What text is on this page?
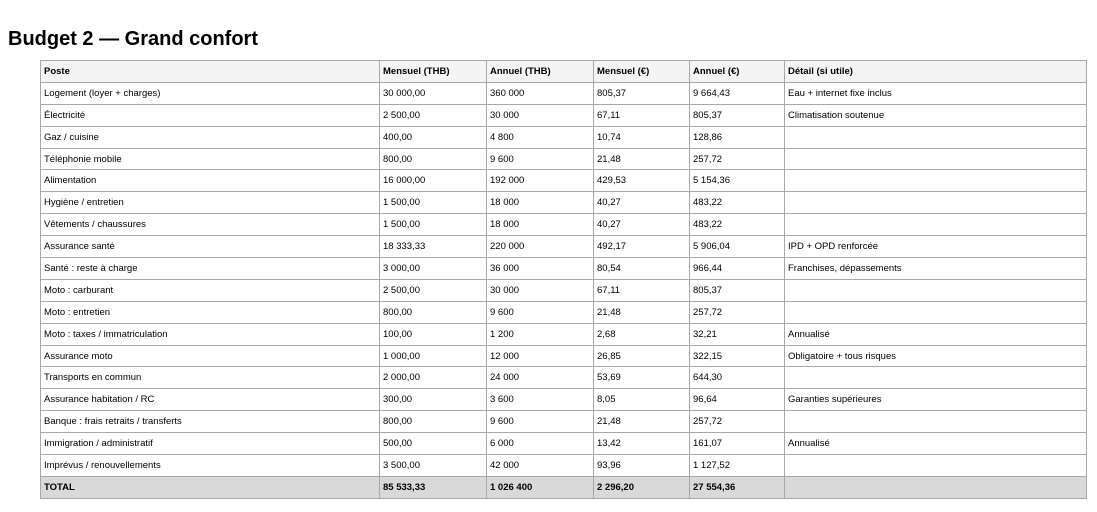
Budget 2 — Grand confort
Poste	Mensuel (THB)	Annuel (THB)	Mensuel (€)	Annuel (€)	Détail (si utile)
Logement (loyer + charges)	30 000,00	360 000	805,37	9 664,43	Eau + internet fixe inclus
Électricité	2 500,00	30 000	67,11	805,37	Climatisation soutenue
Gaz / cuisine	400,00	4 800	10,74	128,86	
Téléphonie mobile	800,00	9 600	21,48	257,72	
Alimentation	16 000,00	192 000	429,53	5 154,36	
Hygiène / entretien	1 500,00	18 000	40,27	483,22	
Vêtements / chaussures	1 500,00	18 000	40,27	483,22	
Assurance santé	18 333,33	220 000	492,17	5 906,04	IPD + OPD renforcée
Santé : reste à charge	3 000,00	36 000	80,54	966,44	Franchises, dépassements
Moto : carburant	2 500,00	30 000	67,11	805,37	
Moto : entretien	800,00	9 600	21,48	257,72	
Moto : taxes / immatriculation	100,00	1 200	2,68	32,21	Annualisé
Assurance moto	1 000,00	12 000	26,85	322,15	Obligatoire + tous risques
Transports en commun	2 000,00	24 000	53,69	644,30	
Assurance habitation / RC	300,00	3 600	8,05	96,64	Garanties supérieures
Banque : frais retraits / transferts	800,00	9 600	21,48	257,72	
Immigration / administratif	500,00	6 000	13,42	161,07	Annualisé
Imprévus / renouvellements	3 500,00	42 000	93,96	1 127,52	
TOTAL	85 533,33	1 026 400	2 296,20	27 554,36	
